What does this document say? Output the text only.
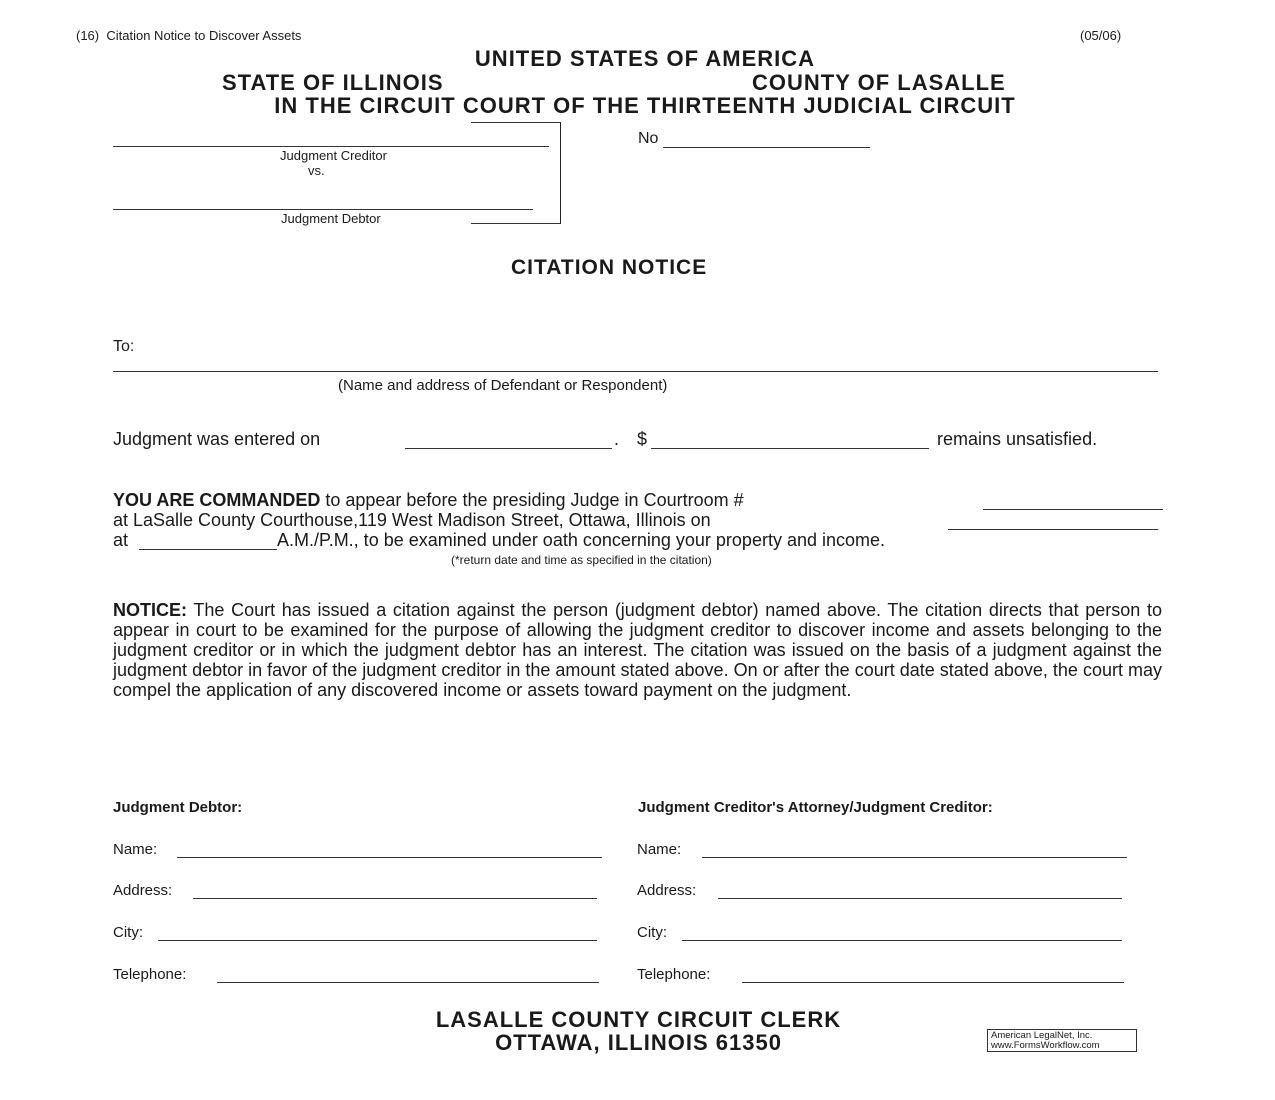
(16) Citation Notice to Discover Assets	(05/06)
UNITED STATES OF AMERICA
STATE OF ILLINOIS	COUNTY OF LASALLE
IN THE CIRCUIT COURT OF THE THIRTEENTH JUDICIAL CIRCUIT
Judgment Creditor
vs.
Judgment Debtor
No
CITATION NOTICE
To:
(Name and address of Defendant or Respondent)
Judgment was entered on	. $	remains unsatisfied.
YOU ARE COMMANDED to appear before the presiding Judge in Courtroom #
at LaSalle County Courthouse,119 West Madison Street, Ottawa, Illinois on
at	A.M./P.M., to be examined under oath concerning your property and income.
(*return date and time as specified in the citation)
NOTICE: The Court has issued a citation against the person (judgment debtor) named above. The citation directs that person to appear in court to be examined for the purpose of allowing the judgment creditor to discover income and assets belonging to the judgment creditor or in which the judgment debtor has an interest. The citation was issued on the basis of a judgment against the judgment debtor in favor of the judgment creditor in the amount stated above. On or after the court date stated above, the court may compel the application of any discovered income or assets toward payment on the judgment.
Judgment Debtor:
Name:
Address:
City:
Telephone:
Judgment Creditor's Attorney/Judgment Creditor:
Name:
Address:
City:
Telephone:
LASALLE COUNTY CIRCUIT CLERK
OTTAWA, ILLINOIS 61350	American LegalNet, Inc.
www.FormsWorkflow.com
